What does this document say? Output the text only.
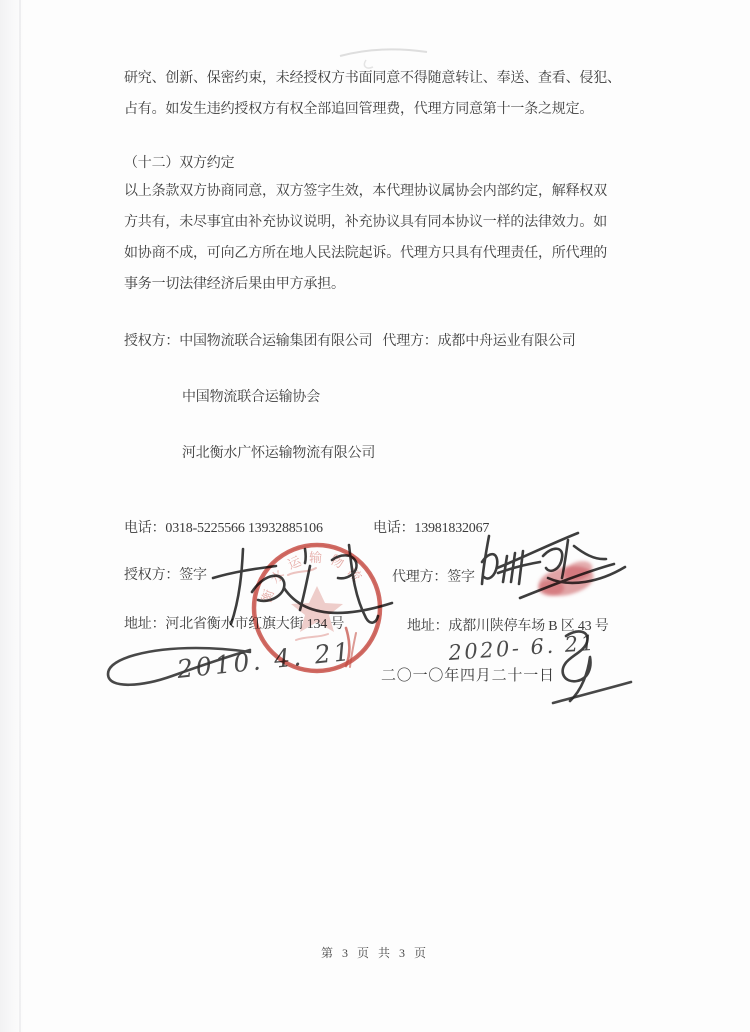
研究、创新、保密约束，未经授权方书面同意不得随意转让、奉送、查看、侵犯、
占有。如发生违约授权方有权全部追回管理费，代理方同意第十一条之规定。
（十二）双方约定
以上条款双方协商同意，双方签字生效，本代理协议属协会内部约定，解释权双
方共有，未尽事宜由补充协议说明，补充协议具有同本协议一样的法律效力。如
如协商不成，可向乙方所在地人民法院起诉。代理方只具有代理责任，所代理的
事务一切法律经济后果由甲方承担。
授权方：中国物流联合运输集团有限公司 代理方：成都中舟运业有限公司
中国物流联合运输协会
河北衡水广怀运输物流有限公司
电话：0318-5225566 13932885106	电话：13981832067
授权方：签字	代理方：签字
地址：河北省衡水市红旗大街 134 号	地址：成都川陕停车场 B 区 43 号
二〇一〇年四月二十一日
第 3 页 共 3 页
衡水运输物流
2010. 4. 21	2020- 6. 21
